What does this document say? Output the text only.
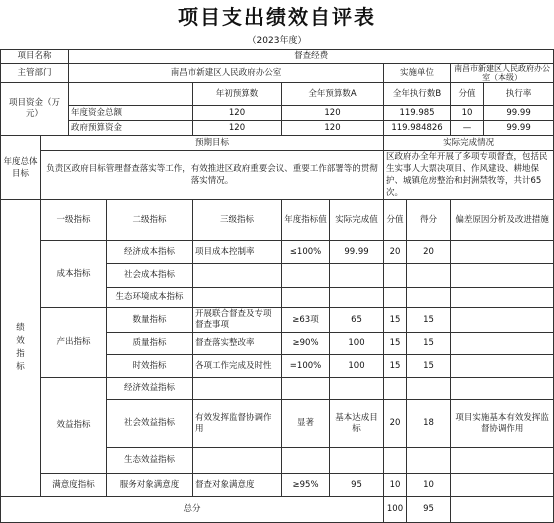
项目支出绩效自评表
（2023年度）
项目名称		督查经费									
主管部门		南昌市新建区人民政府办公室					实施单位		南昌市新建区人民政府办公室（本级）		
项目资金（万元）				年初预算数	全年预算数A		全年执行数B		分值	执行率	
		年度资金总额		120	120		119.985		10	99.99	
		政府预算资金		120	120		119.984826		—	99.99	
年度总体目标	预期目标						实际完成情况				
	负责区政府目标管理督查落实等工作，有效推进区政府重要会议、重要工作部署等的贯彻落实情况。						区政府办全年开展了多项专项督查，包括民生实事人大票决项目、作风建设、耕地保护、城镇危房整治和封洲禁牧等，共计65次。				
绩效指标	一级指标		二级指标	三级指标	年度指标值	实际完成值	分值	得分	偏差原因分析及改进措施		
	成本指标		经济成本指标	项目成本控制率	≤100%	99.99	20	20			
			社会成本指标								
			生态环境成本指标								
	产出指标		数量指标	开展联合督查及专项督查事项	≥63项	65	15	15			
			质量指标	督查落实整改率	≥90%	100	15	15			
			时效指标	各项工作完成及时性	=100%	100	15	15			
	效益指标		经济效益指标								
			社会效益指标	有效发挥监督协调作用	显著	基本达成目标	20	18	项目实施基本有效发挥监督协调作用		
			生态效益指标								
	满意度指标		服务对象满意度	督查对象满意度	≥95%	95	10	10			
总分							100	95			
